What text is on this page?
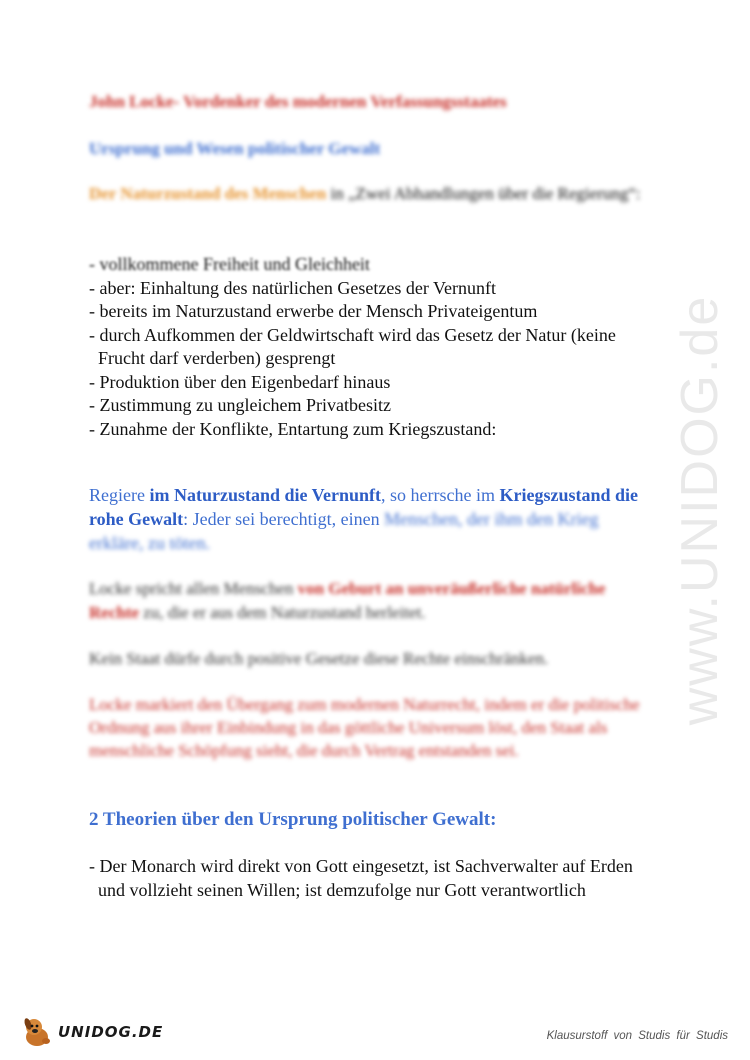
www.UNIDOG.de
John Locke- Vordenker des modernen Verfassungsstaates
Ursprung und Wesen politischer Gewalt
Der Naturzustand des Menschen in „Zwei Abhandlungen über die Regierung“:
- vollkommene Freiheit und Gleichheit
- aber: Einhaltung des natürlichen Gesetzes der Vernunft
- bereits im Naturzustand erwerbe der Mensch Privateigentum
- durch Aufkommen der Geldwirtschaft wird das Gesetz der Natur (keine
Frucht darf verderben) gesprengt
- Produktion über den Eigenbedarf hinaus
- Zustimmung zu ungleichem Privatbesitz
- Zunahme der Konflikte, Entartung zum Kriegszustand:
Regiere im Naturzustand die Vernunft, so herrsche im Kriegszustand die rohe Gewalt: Jeder sei berechtigt, einen Menschen, der ihm den Krieg erkläre, zu töten.
Locke spricht allen Menschen von Geburt an unveräußerliche natürliche Rechte zu, die er aus dem Naturzustand herleitet.
Kein Staat dürfe durch positive Gesetze diese Rechte einschränken.
Locke markiert den Übergang zum modernen Naturrecht, indem er die politische Ordnung aus ihrer Einbindung in das göttliche Universum löst, den Staat als menschliche Schöpfung sieht, die durch Vertrag entstanden sei.
2 Theorien über den Ursprung politischer Gewalt:
- Der Monarch wird direkt von Gott eingesetzt, ist Sachverwalter auf Erden
und vollzieht seinen Willen; ist demzufolge nur Gott verantwortlich
UNIDOG.DE	Klausurstoff von Studis für Studis
